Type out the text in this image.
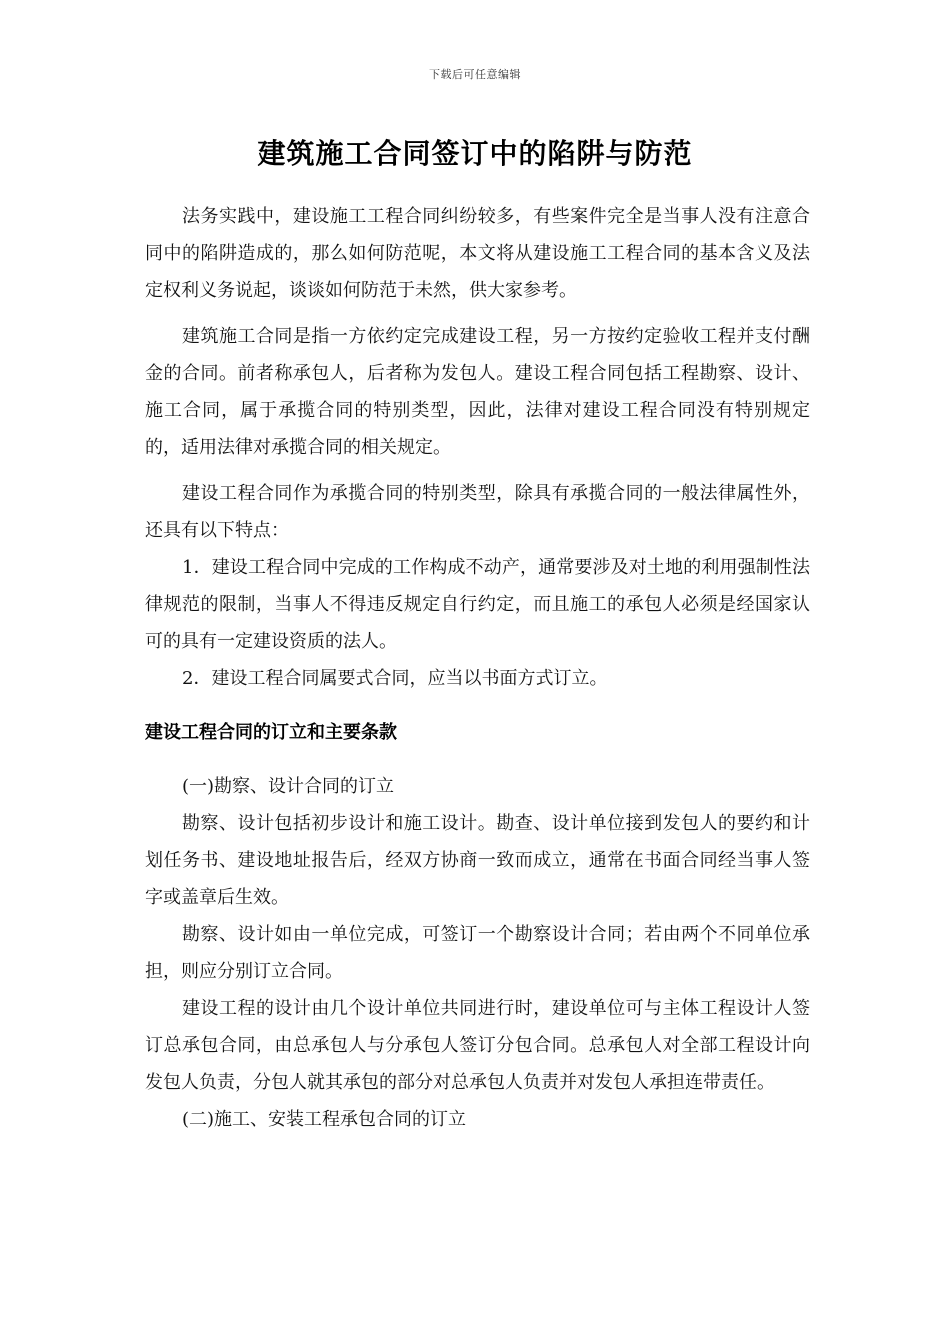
下载后可任意编辑
建筑施工合同签订中的陷阱与防范

法务实践中，建设施工工程合同纠纷较多，有些案件完全是当事人没有注意合同中的陷阱造成的，那么如何防范呢，本文将从建设施工工程合同的基本含义及法定权利义务说起，谈谈如何防范于未然，供大家参考。

建筑施工合同是指一方依约定完成建设工程，另一方按约定验收工程并支付酬金的合同。前者称承包人，后者称为发包人。建设工程合同包括工程勘察、设计、施工合同，属于承揽合同的特别类型，因此，法律对建设工程合同没有特别规定的，适用法律对承揽合同的相关规定。

建设工程合同作为承揽合同的特别类型，除具有承揽合同的一般法律属性外，还具有以下特点：

1．建设工程合同中完成的工作构成不动产，通常要涉及对土地的利用强制性法律规范的限制，当事人不得违反规定自行约定，而且施工的承包人必须是经国家认可的具有一定建设资质的法人。

2．建设工程合同属要式合同，应当以书面方式订立。

建设工程合同的订立和主要条款

(一)勘察、设计合同的订立

勘察、设计包括初步设计和施工设计。勘查、设计单位接到发包人的要约和计划任务书、建设地址报告后，经双方协商一致而成立，通常在书面合同经当事人签字或盖章后生效。

勘察、设计如由一单位完成，可签订一个勘察设计合同；若由两个不同单位承担，则应分别订立合同。

建设工程的设计由几个设计单位共同进行时，建设单位可与主体工程设计人签订总承包合同，由总承包人与分承包人签订分包合同。总承包人对全部工程设计向发包人负责，分包人就其承包的部分对总承包人负责并对发包人承担连带责任。

(二)施工、安装工程承包合同的订立
